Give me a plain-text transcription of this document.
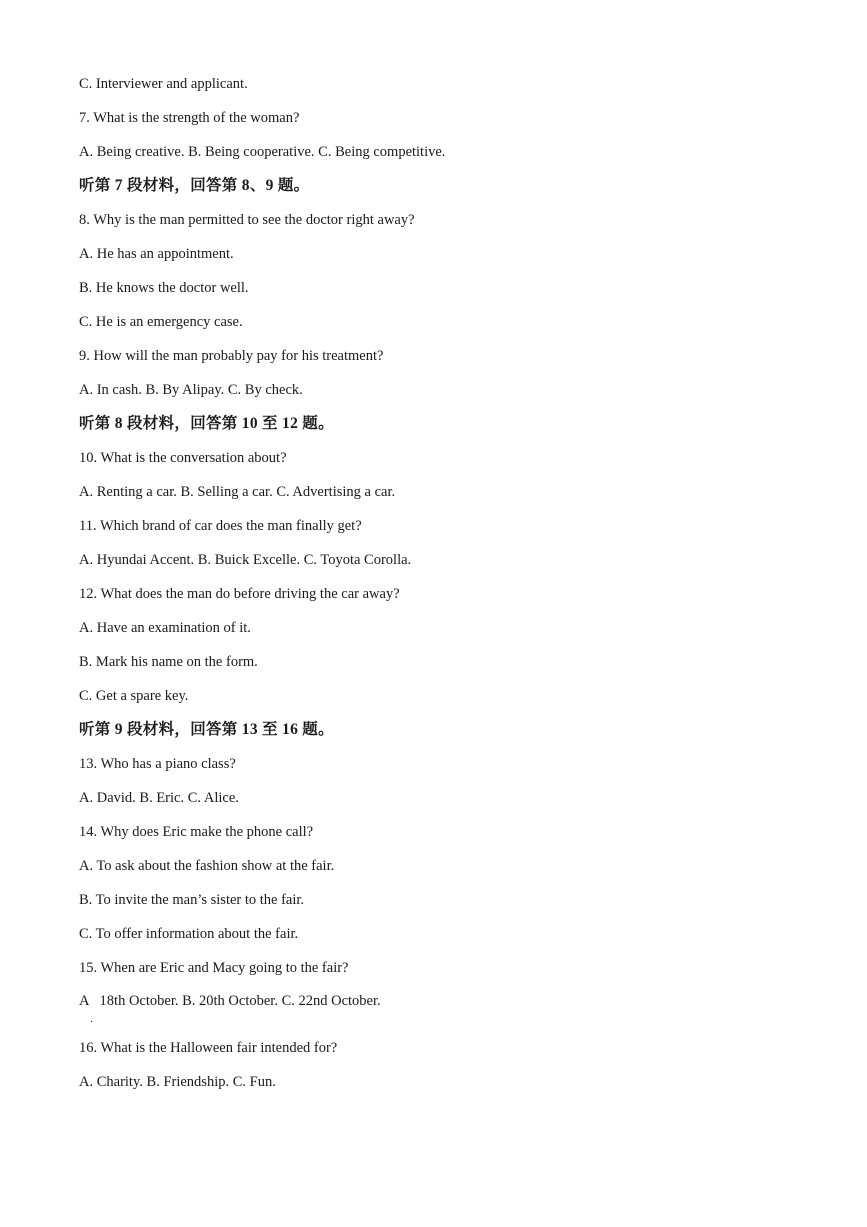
C. Interviewer and applicant.
7. What is the strength of the woman?
A. Being creative. B. Being cooperative. C. Being competitive.
听第 7 段材料，回答第 8、9 题。
8. Why is the man permitted to see the doctor right away?
A. He has an appointment.
B. He knows the doctor well.
C. He is an emergency case.
9. How will the man probably pay for his treatment?
A. In cash. B. By Alipay. C. By check.
听第 8 段材料，回答第 10 至 12 题。
10. What is the conversation about?
A. Renting a car. B. Selling a car. C. Advertising a car.
11. Which brand of car does the man finally get?
A. Hyundai Accent. B. Buick Excelle. C. Toyota Corolla.
12. What does the man do before driving the car away?
A. Have an examination of it.
B. Mark his name on the form.
C. Get a spare key.
听第 9 段材料，回答第 13 至 16 题。
13. Who has a piano class?
A. David. B. Eric. C. Alice.
14. Why does Eric make the phone call?
A. To ask about the fashion show at the fair.
B. To invite the man’s sister to the fair.
C. To offer information about the fair.
15. When are Eric and Macy going to the fair?
A   18th October. B. 20th October. C. 22nd October.
.
16. What is the Halloween fair intended for?
A. Charity. B. Friendship. C. Fun.
